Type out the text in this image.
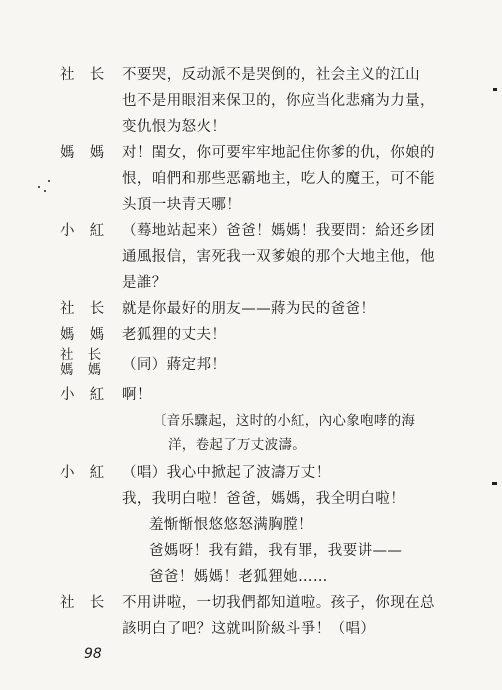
社　长 不要哭，反动派不是哭倒的，社会主义的江山
也不是用眼泪来保卫的，你应当化悲痛为力量，
变仇恨为怒火！
媽　媽 对！閨女，你可要牢牢地記住你爹的仇，你娘的
恨，咱們和那些恶霸地主，吃人的魔王，可不能
头頂一块青天哪！
小　紅 （蓦地站起来）爸爸！媽媽！我要問：給还乡团
通風报信，害死我一双爹娘的那个大地主他，他
是誰？
社　长 就是你最好的朋友——蔣为民的爸爸！
媽　媽 老狐狸的丈夫！
社　长
媽　媽 （同）蔣定邦！
小　紅 啊！
〔音乐驟起，这时的小紅，內心象咆哮的海
洋，卷起了万丈波濤。
小　紅 （唱）我心中掀起了波濤万丈！
我，我明白啦！爸爸，媽媽，我全明白啦！
羞惭惭恨悠悠怒满胸膛！
爸媽呀！我有錯，我有罪，我要讲——
爸爸！媽媽！老狐狸她……
社　长 不用讲啦，一切我們都知道啦。孩子，你现在总
該明白了吧？这就叫阶級斗爭！（唱）
98
